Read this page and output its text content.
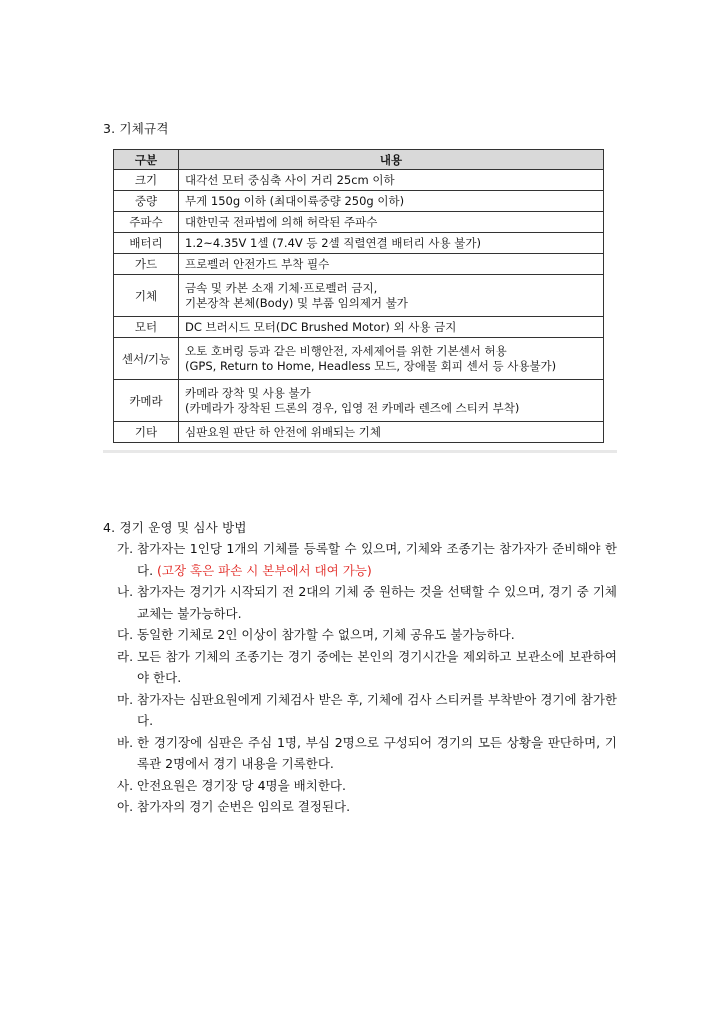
3. 기체규격
구분	내용
크기	대각선 모터 중심축 사이 거리 25cm 이하

중량	무게 150g 이하 (최대이륙중량 250g 이하)

주파수	대한민국 전파법에 의해 허락된 주파수

배터리	1.2~4.35V 1셀 (7.4V 등 2셀 직렬연결 배터리 사용 불가)

가드	프로펠러 안전가드 부착 필수

기체	금속 및 카본 소재 기체·프로펠러 금지,
기본장착 본체(Body) 및 부품 임의제거 불가

모터	DC 브러시드 모터(DC Brushed Motor) 외 사용 금지

센서/기능	오토 호버링 등과 같은 비행안전, 자세제어를 위한 기본센서 허용
(GPS, Return to Home, Headless 모드, 장애물 회피 센서 등 사용불가)

카메라	카메라 장착 및 사용 불가
(카메라가 장착된 드론의 경우, 입영 전 카메라 렌즈에 스티커 부착)

기타	심판요원 판단 하 안전에 위배되는 기체
4. 경기 운영 및 심사 방법
가. 참가자는 1인당 1개의 기체를 등록할 수 있으며, 기체와 조종기는 참가자가 준비해야 한다. (고장 혹은 파손 시 본부에서 대여 가능)
나. 참가자는 경기가 시작되기 전 2대의 기체 중 원하는 것을 선택할 수 있으며, 경기 중 기체 교체는 불가능하다.
다. 동일한 기체로 2인 이상이 참가할 수 없으며, 기체 공유도 불가능하다.
라. 모든 참가 기체의 조종기는 경기 중에는 본인의 경기시간을 제외하고 보관소에 보관하여야 한다.
마. 참가자는 심판요원에게 기체검사 받은 후, 기체에 검사 스티커를 부착받아 경기에 참가한다.
바. 한 경기장에 심판은 주심 1명, 부심 2명으로 구성되어 경기의 모든 상황을 판단하며, 기록관 2명에서 경기 내용을 기록한다.
사. 안전요원은 경기장 당 4명을 배치한다.
아. 참가자의 경기 순번은 임의로 결정된다.
